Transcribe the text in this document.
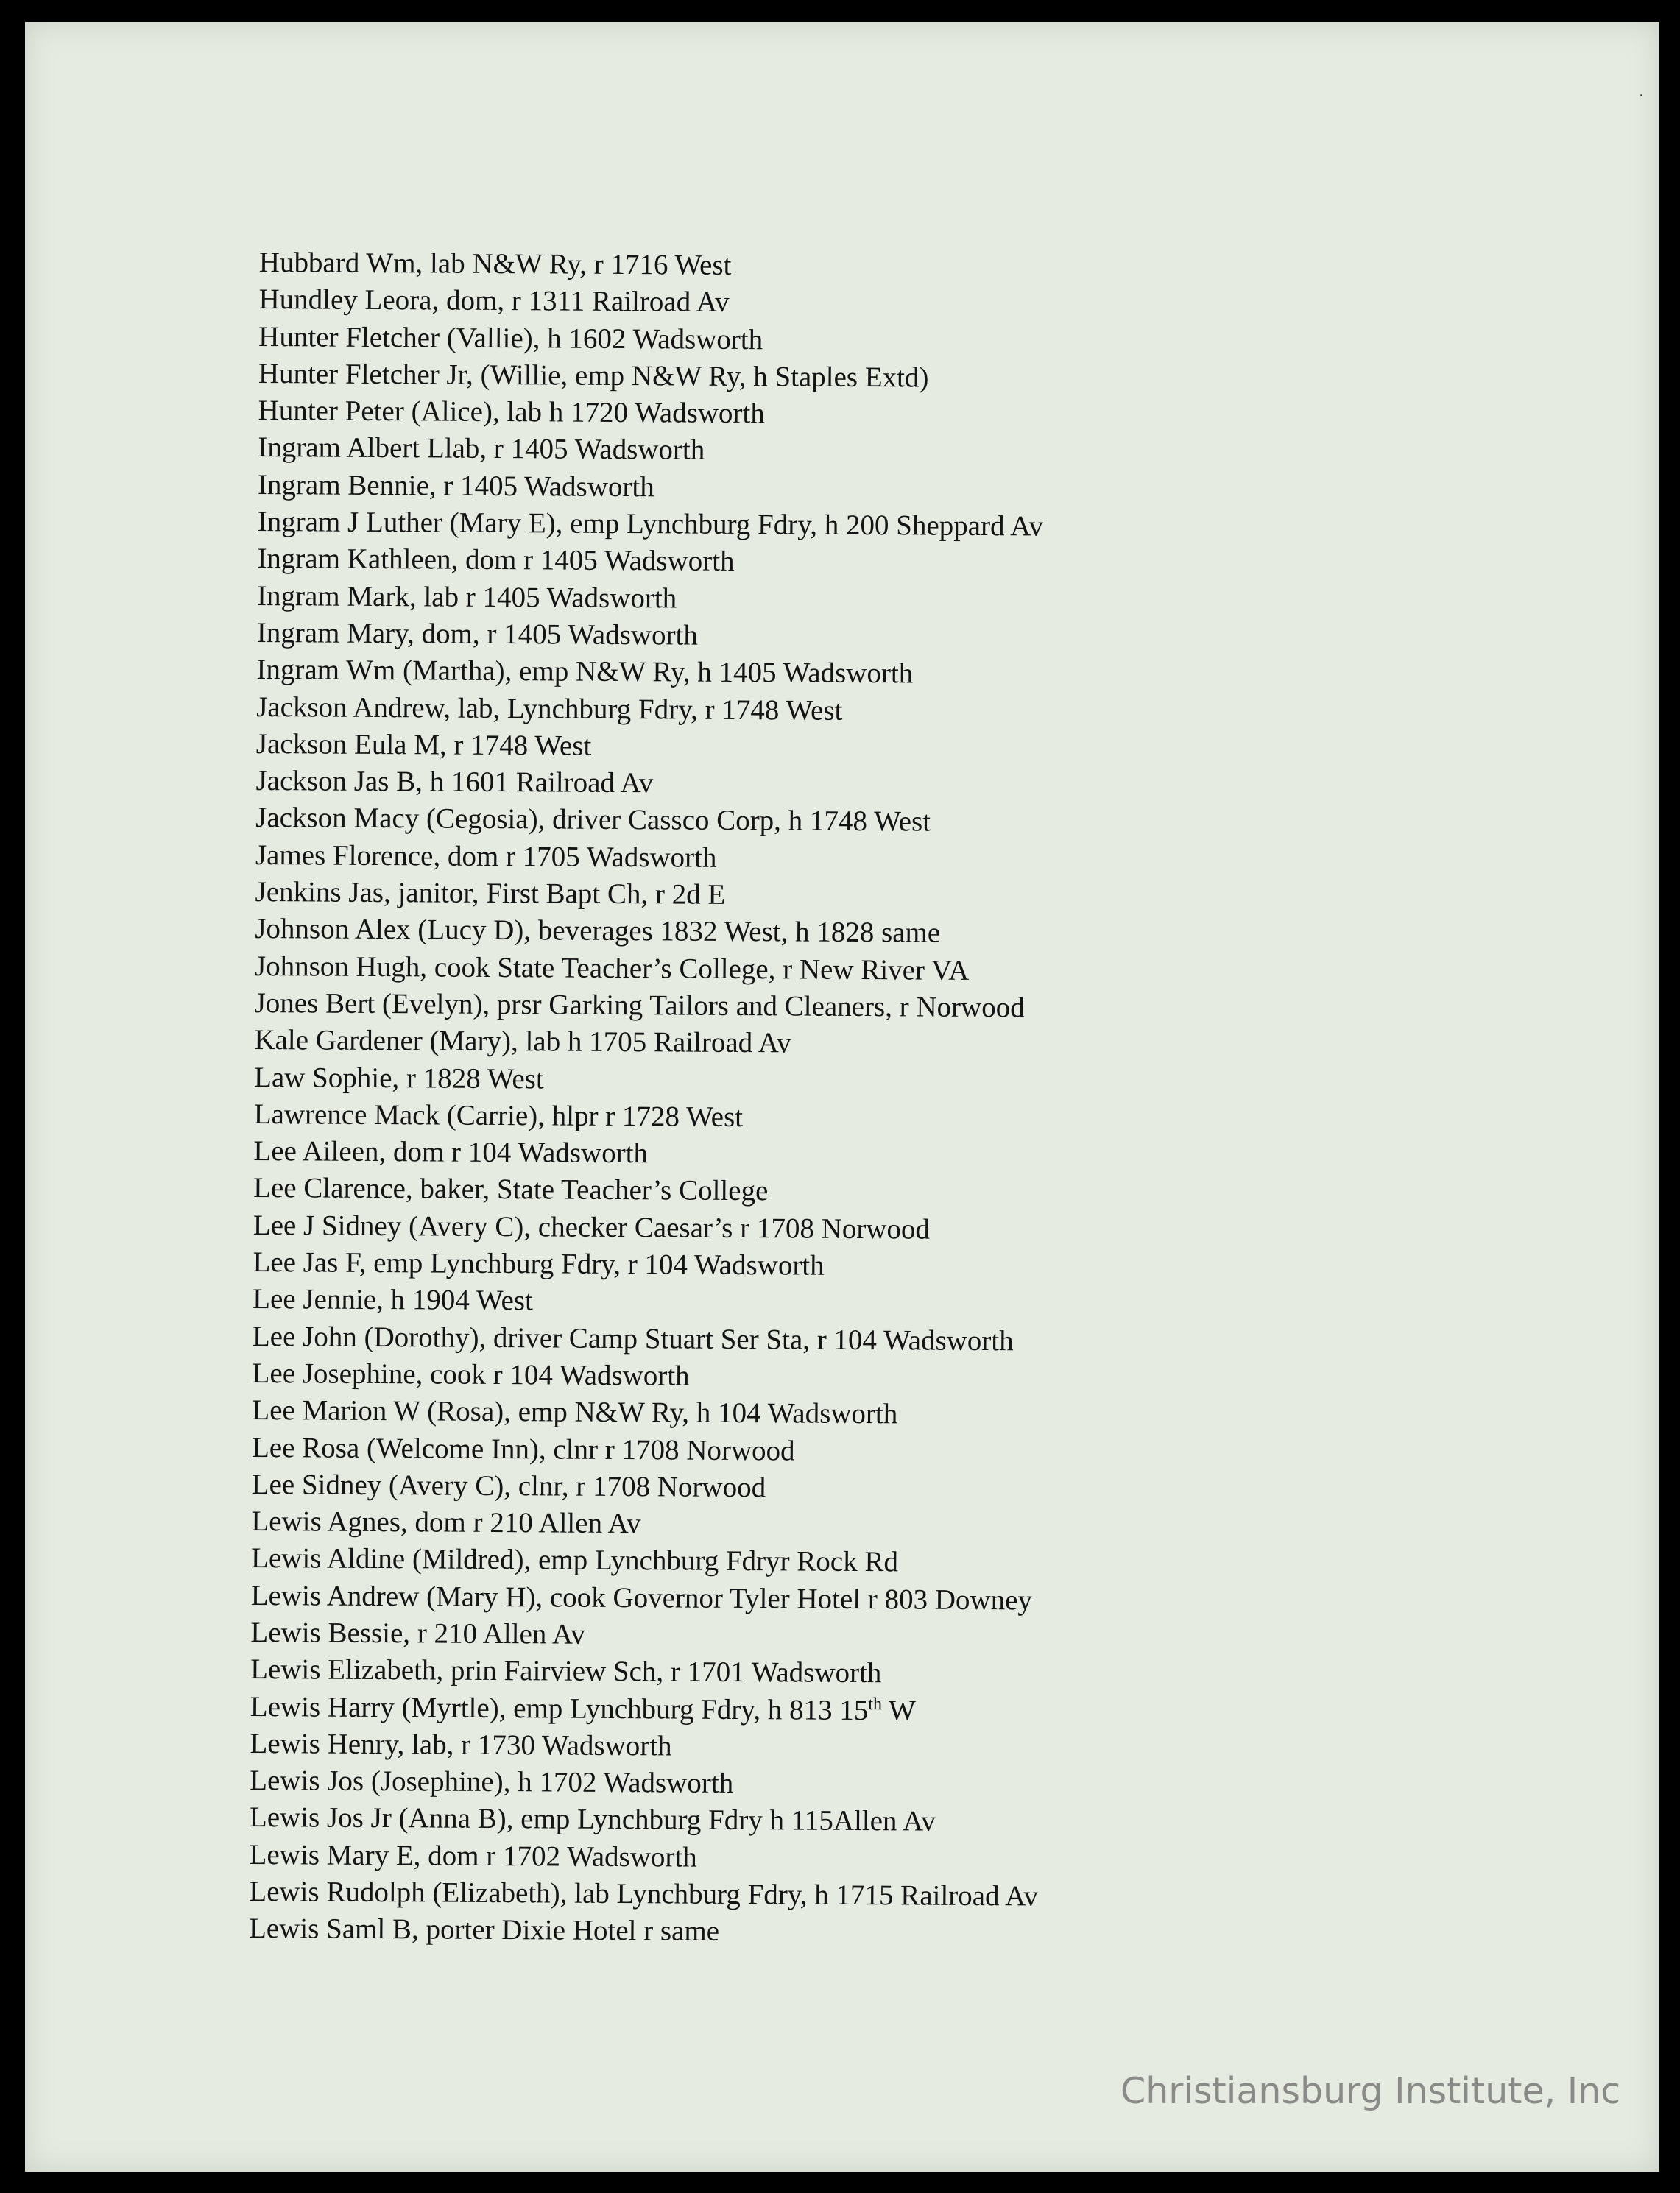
Hubbard Wm, lab N&W Ry, r 1716 West
Hundley Leora, dom, r 1311 Railroad Av
Hunter Fletcher (Vallie), h 1602 Wadsworth
Hunter Fletcher Jr, (Willie, emp N&W Ry, h Staples Extd)
Hunter Peter (Alice), lab h 1720 Wadsworth
Ingram Albert Llab, r 1405 Wadsworth
Ingram Bennie, r 1405 Wadsworth
Ingram J Luther (Mary E), emp Lynchburg Fdry, h 200 Sheppard Av
Ingram Kathleen, dom r 1405 Wadsworth
Ingram Mark, lab r 1405 Wadsworth
Ingram Mary, dom, r 1405 Wadsworth
Ingram Wm (Martha), emp N&W Ry, h 1405 Wadsworth
Jackson Andrew, lab, Lynchburg Fdry, r 1748 West
Jackson Eula M, r 1748 West
Jackson Jas B, h 1601 Railroad Av
Jackson Macy (Cegosia), driver Cassco Corp, h 1748 West
James Florence, dom r 1705 Wadsworth
Jenkins Jas, janitor, First Bapt Ch, r 2d E
Johnson Alex (Lucy D), beverages 1832 West, h 1828 same
Johnson Hugh, cook State Teacher’s College, r New River VA
Jones Bert (Evelyn), prsr Garking Tailors and Cleaners, r Norwood
Kale Gardener (Mary), lab h 1705 Railroad Av
Law Sophie, r 1828 West
Lawrence Mack (Carrie), hlpr r 1728 West
Lee Aileen, dom r 104 Wadsworth
Lee Clarence, baker, State Teacher’s College
Lee J Sidney (Avery C), checker Caesar’s r 1708 Norwood
Lee Jas F, emp Lynchburg Fdry, r 104 Wadsworth
Lee Jennie, h 1904 West
Lee John (Dorothy), driver Camp Stuart Ser Sta, r 104 Wadsworth
Lee Josephine, cook r 104 Wadsworth
Lee Marion W (Rosa), emp N&W Ry, h 104 Wadsworth
Lee Rosa (Welcome Inn), clnr r 1708 Norwood
Lee Sidney (Avery C), clnr, r 1708 Norwood
Lewis Agnes, dom r 210 Allen Av
Lewis Aldine (Mildred), emp Lynchburg Fdryr Rock Rd
Lewis Andrew (Mary H), cook Governor Tyler Hotel r 803 Downey
Lewis Bessie, r 210 Allen Av
Lewis Elizabeth, prin Fairview Sch, r 1701 Wadsworth
Lewis Harry (Myrtle), emp Lynchburg Fdry, h 813 15th W
Lewis Henry, lab, r 1730 Wadsworth
Lewis Jos (Josephine), h 1702 Wadsworth
Lewis Jos Jr (Anna B), emp Lynchburg Fdry h 115Allen Av
Lewis Mary E, dom r 1702 Wadsworth
Lewis Rudolph (Elizabeth), lab Lynchburg Fdry, h 1715 Railroad Av
Lewis Saml B, porter Dixie Hotel r same
Christiansburg Institute, Inc
